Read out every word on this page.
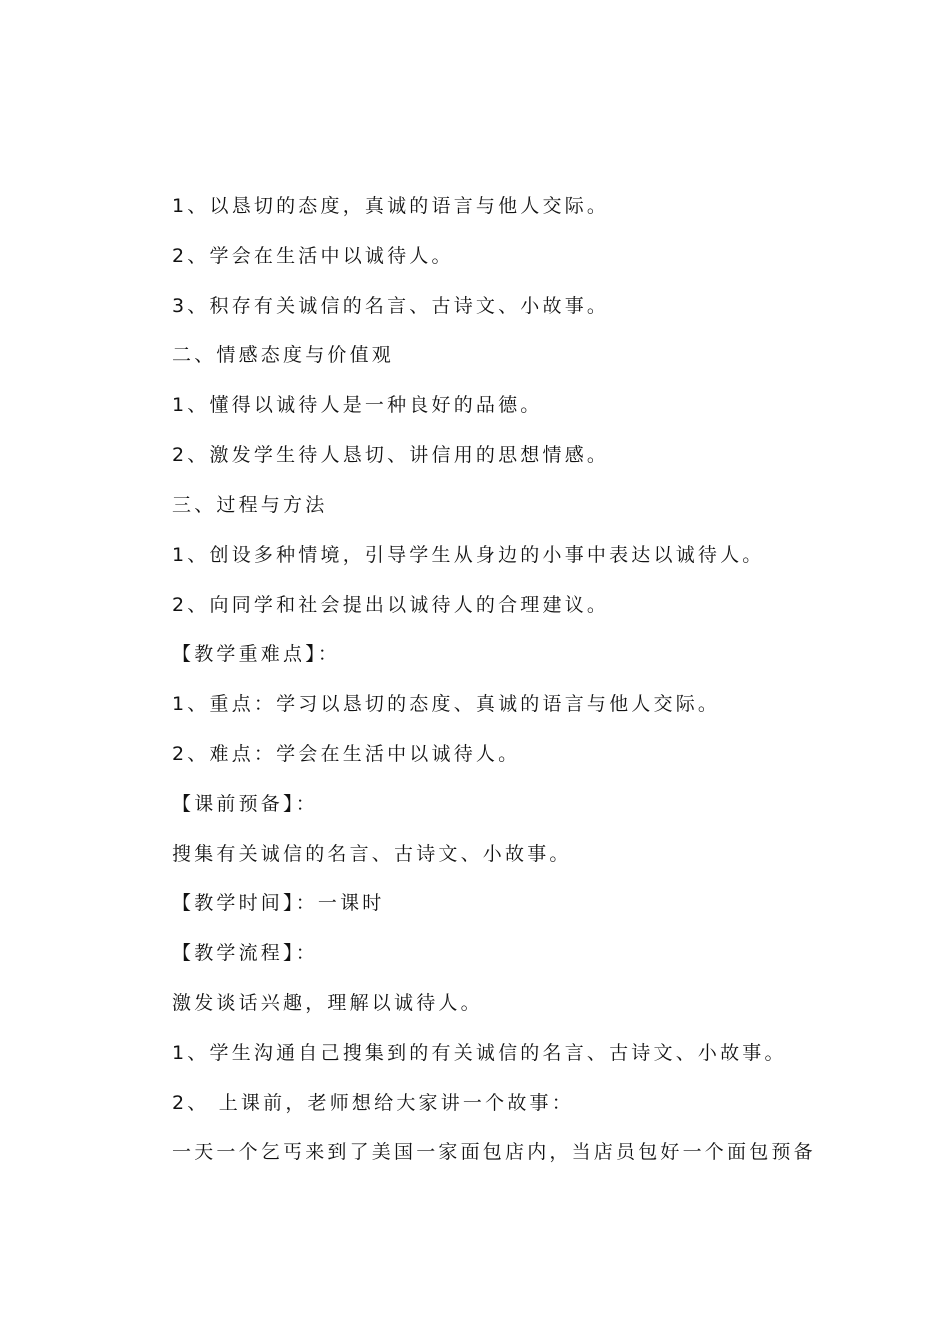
1、以恳切的态度，真诚的语言与他人交际。

2、学会在生活中以诚待人。

3、积存有关诚信的名言、古诗文、小故事。

二、情感态度与价值观

1、懂得以诚待人是一种良好的品德。

2、激发学生待人恳切、讲信用的思想情感。

三、过程与方法

1、创设多种情境，引导学生从身边的小事中表达以诚待人。

2、向同学和社会提出以诚待人的合理建议。

【教学重难点】：

1、重点：学习以恳切的态度、真诚的语言与他人交际。

2、难点：学会在生活中以诚待人。

【课前预备】：

搜集有关诚信的名言、古诗文、小故事。

【教学时间】：一课时

【教学流程】：

激发谈话兴趣，理解以诚待人。

1、学生沟通自己搜集到的有关诚信的名言、古诗文、小故事。

2、 上课前，老师想给大家讲一个故事：

一天一个乞丐来到了美国一家面包店内，当店员包好一个面包预备
